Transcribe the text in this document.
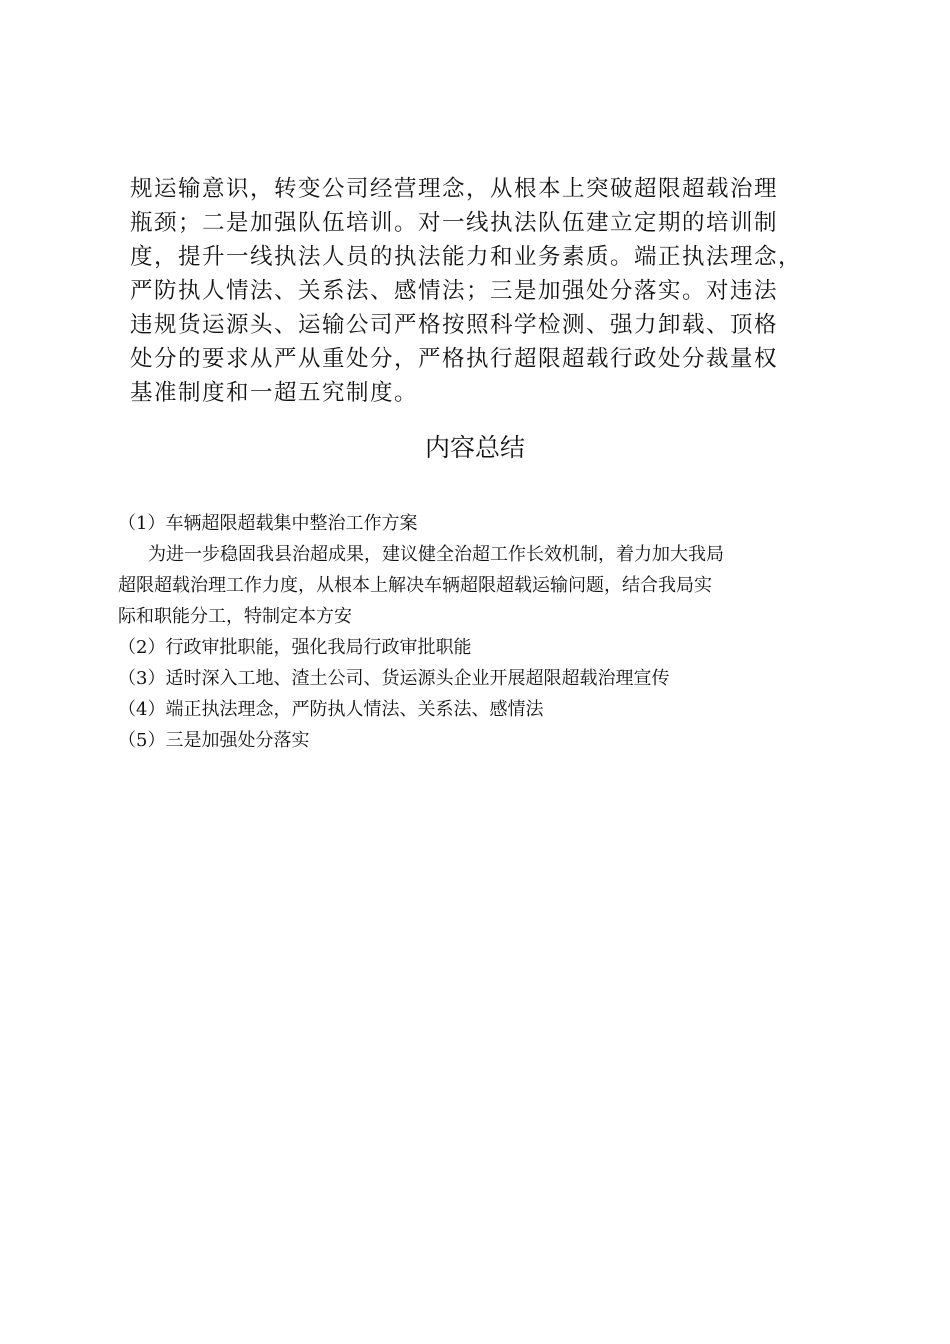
规运输意识，转变公司经营理念，从根本上突破超限超载治理
瓶颈；二是加强队伍培训。对一线执法队伍建立定期的培训制
度，提升一线执法人员的执法能力和业务素质。端正执法理念，
严防执人情法、关系法、感情法；三是加强处分落实。对违法
违规货运源头、运输公司严格按照科学检测、强力卸载、顶格
处分的要求从严从重处分，严格执行超限超载行政处分裁量权
基准制度和一超五究制度。
内容总结
（1）车辆超限超载集中整治工作方案
为进一步稳固我县治超成果，建议健全治超工作长效机制，着力加大我局
超限超载治理工作力度，从根本上解决车辆超限超载运输问题，结合我局实
际和职能分工，特制定本方安
（2）行政审批职能，强化我局行政审批职能
（3）适时深入工地、渣土公司、货运源头企业开展超限超载治理宣传
（4）端正执法理念，严防执人情法、关系法、感情法
（5）三是加强处分落实
